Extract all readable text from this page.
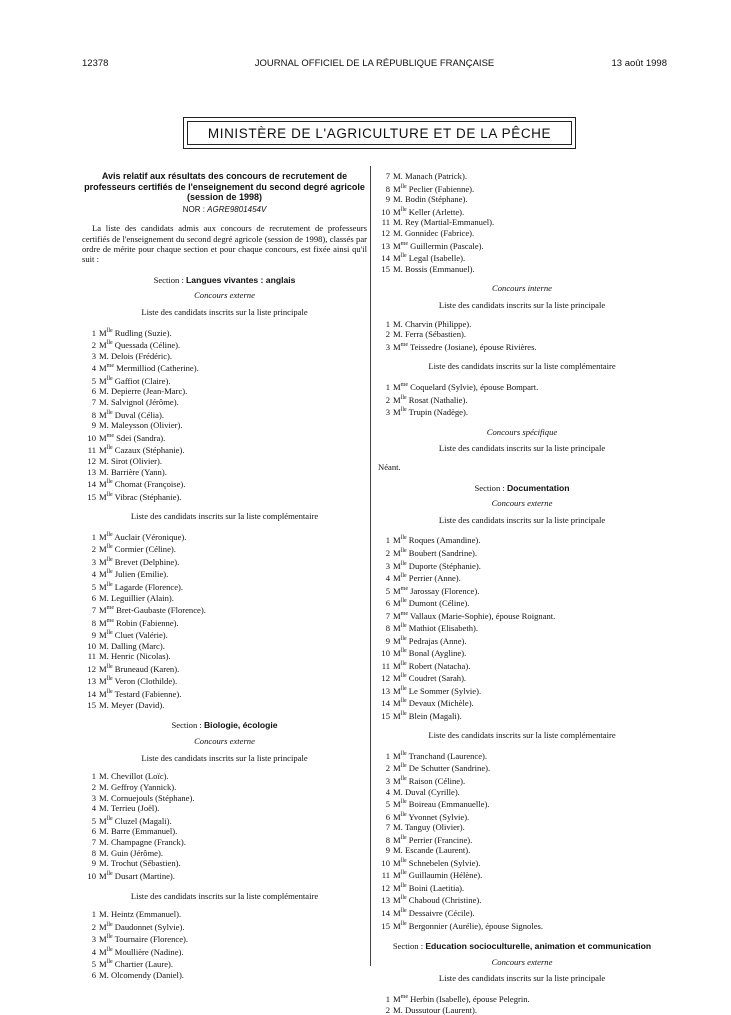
12378	JOURNAL OFFICIEL DE LA RÉPUBLIQUE FRANÇAISE	13 août 1998
MINISTÈRE DE L'AGRICULTURE ET DE LA PÊCHE
Avis relatif aux résultats des concours de recrutement de professeurs certifiés de l'enseignement du second degré agricole (session de 1998)
NOR : AGRE9801454V
La liste des candidats admis aux concours de recrutement de professeurs certifiés de l'enseignement du second degré agricole (session de 1998), classés par ordre de mérite pour chaque section et pour chaque concours, est fixée ainsi qu'il suit :
Section : Langues vivantes : anglais
Concours externe
Liste des candidats inscrits sur la liste principale
1 $M^{lle}$ Rudling (Suzie).
2 $M^{lle}$ Quessada (Céline).
3 M. Delois (Frédéric).
4 $M^{me}$ Mermilliod (Catherine).
5 $M^{lle}$ Gaffiot (Claire).
6 M. Depierre (Jean-Marc).
7 M. Salvignol (Jérôme).
8 $M^{lle}$ Duval (Célia).
9 M. Maleysson (Olivier).
10 $M^{me}$ Sdei (Sandra).
11 $M^{lle}$ Cazaux (Stéphanie).
12 M. Sirot (Olivier).
13 M. Barrière (Yann).
14 $M^{lle}$ Chomat (Françoise).
15 $M^{lle}$ Vibrac (Stéphanie).
Liste des candidats inscrits sur la liste complémentaire
1 $M^{lle}$ Auclair (Véronique).
2 $M^{lle}$ Cormier (Céline).
3 $M^{lle}$ Brevet (Delphine).
4 $M^{lle}$ Julien (Emilie).
5 $M^{lle}$ Lagarde (Florence).
6 M. Leguillier (Alain).
7 $M^{me}$ Bret-Gaubaste (Florence).
8 $M^{me}$ Robin (Fabienne).
9 $M^{lle}$ Cluet (Valérie).
10 M. Dalling (Marc).
11 M. Henric (Nicolas).
12 $M^{lle}$ Bruneaud (Karen).
13 $M^{lle}$ Veron (Clothilde).
14 $M^{lle}$ Testard (Fabienne).
15 M. Meyer (David).
Section : Biologie, écologie
Concours externe
Liste des candidats inscrits sur la liste principale
1 M. Chevillot (Loïc).
2 M. Geffroy (Yannick).
3 M. Cornuejouls (Stéphane).
4 M. Terrieu (Joël).
5 $M^{lle}$ Cluzel (Magali).
6 M. Barre (Emmanuel).
7 M. Champagne (Franck).
8 M. Guin (Jérôme).
9 M. Trochut (Sébastien).
10 $M^{lle}$ Dusart (Martine).
Liste des candidats inscrits sur la liste complémentaire
1 M. Heintz (Emmanuel).
2 $M^{lle}$ Daudonnet (Sylvie).
3 $M^{lle}$ Tournaire (Florence).
4 $M^{lle}$ Moullière (Nadine).
5 $M^{lle}$ Chartier (Laure).
6 M. Olcomendy (Daniel).
7 M. Manach (Patrick).
8 $M^{lle}$ Peclier (Fabienne).
9 M. Bodin (Stéphane).
10 $M^{lle}$ Keller (Arlette).
11 M. Rey (Martial-Emmanuel).
12 M. Gonnidec (Fabrice).
13 $M^{me}$ Guillermin (Pascale).
14 $M^{lle}$ Legal (Isabelle).
15 M. Bossis (Emmanuel).
Concours interne
Liste des candidats inscrits sur la liste principale
1 M. Charvin (Philippe).
2 M. Ferra (Sébastien).
3 $M^{me}$ Teissedre (Josiane), épouse Rivières.
Liste des candidats inscrits sur la liste complémentaire
1 $M^{me}$ Coquelard (Sylvie), épouse Bompart.
2 $M^{lle}$ Rosat (Nathalie).
3 $M^{lle}$ Trupin (Nadège).
Concours spécifique
Liste des candidats inscrits sur la liste principale
Néant.
Section : Documentation
Concours externe
Liste des candidats inscrits sur la liste principale
1 $M^{lle}$ Roques (Amandine).
2 $M^{lle}$ Boubert (Sandrine).
3 $M^{lle}$ Duporte (Stéphanie).
4 $M^{lle}$ Perrier (Anne).
5 $M^{me}$ Jarossay (Florence).
6 $M^{lle}$ Dumont (Céline).
7 $M^{me}$ Vallaux (Marie-Sophie), épouse Roignant.
8 $M^{lle}$ Mathiot (Elisabeth).
9 $M^{lle}$ Pedrajas (Anne).
10 $M^{lle}$ Bonal (Aygline).
11 $M^{lle}$ Robert (Natacha).
12 $M^{lle}$ Coudret (Sarah).
13 $M^{lle}$ Le Sommer (Sylvie).
14 $M^{lle}$ Devaux (Michèle).
15 $M^{lle}$ Blein (Magali).
Liste des candidats inscrits sur la liste complémentaire
1 $M^{lle}$ Tranchand (Laurence).
2 $M^{lle}$ De Schutter (Sandrine).
3 $M^{lle}$ Raison (Céline).
4 M. Duval (Cyrille).
5 $M^{lle}$ Boireau (Emmanuelle).
6 $M^{lle}$ Yvonnet (Sylvie).
7 M. Tanguy (Olivier).
8 $M^{lle}$ Perrier (Francine).
9 M. Escande (Laurent).
10 $M^{lle}$ Schnebelen (Sylvie).
11 $M^{lle}$ Guillaumin (Hélène).
12 $M^{lle}$ Boini (Laetitia).
13 $M^{lle}$ Chaboud (Christine).
14 $M^{lle}$ Dessaivre (Cécile).
15 $M^{lle}$ Bergonnier (Aurélie), épouse Signoles.
Section : Education socioculturelle, animation et communication
Concours externe
Liste des candidats inscrits sur la liste principale
1 $M^{me}$ Herbin (Isabelle), épouse Pelegrin.
2 M. Dussutour (Laurent).
